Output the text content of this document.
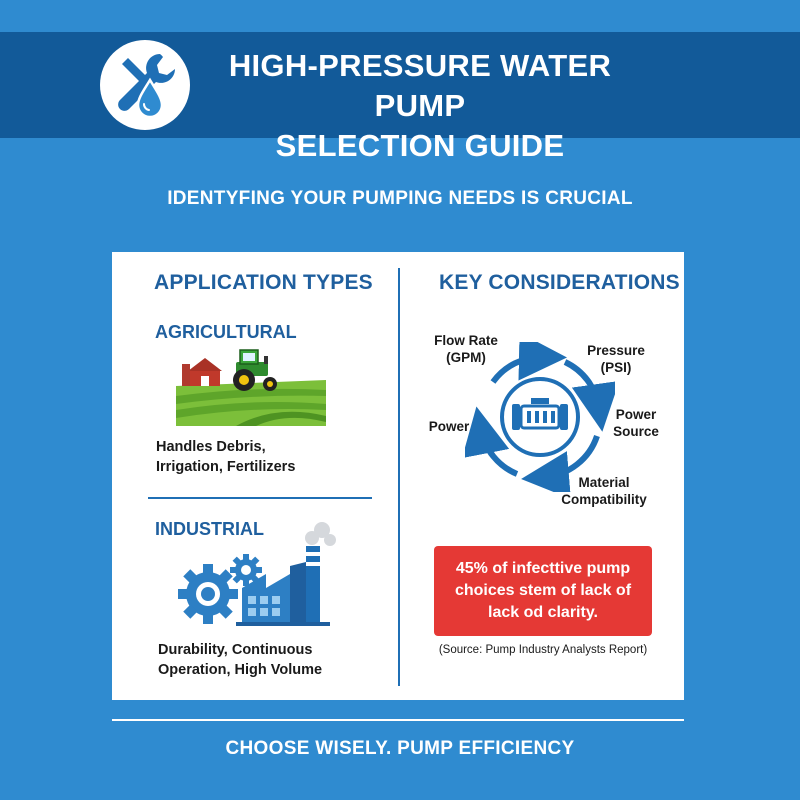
HIGH-PRESSURE WATER PUMP
SELECTION GUIDE
IDENTYFING YOUR PUMPING NEEDS IS CRUCIAL
APPLICATION TYPES
AGRICULTURAL
Handles Debris,
Irrigation, Fertilizers
INDUSTRIAL
Durability, Continuous
Operation, High Volume
KEY CONSIDERATIONS
Flow Rate
(GPM)	Pressure
(PSI)
Power
Source
Material
Compatibility
Power
45% of infecttive pump
choices stem of lack of
lack od clarity.
(Source: Pump Industry Analysts Report)
CHOOSE WISELY. PUMP EFFICIENCY
